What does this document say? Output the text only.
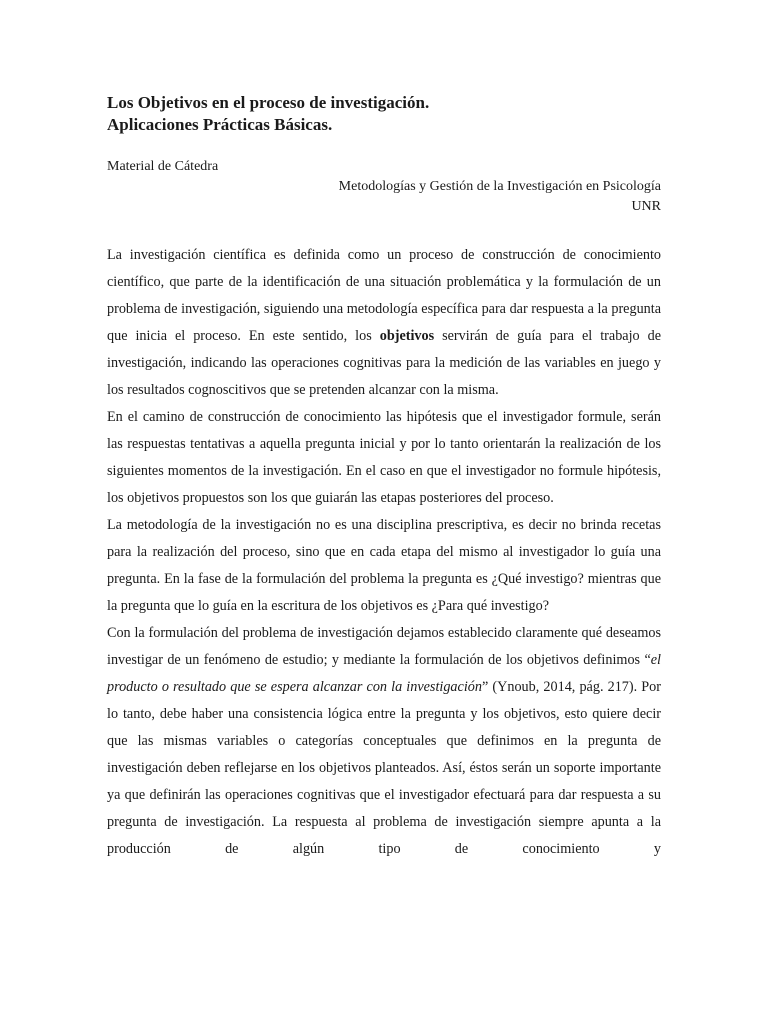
Los Objetivos en el proceso de investigación.
Aplicaciones Prácticas Básicas.
Material de Cátedra
Metodologías y Gestión de la Investigación en Psicología
UNR

La investigación científica es definida como un proceso de construcción de conocimiento científico, que parte de la identificación de una situación problemática y la formulación de un problema de investigación, siguiendo una metodología específica para dar respuesta a la pregunta que inicia el proceso. En este sentido, los objetivos servirán de guía para el trabajo de investigación, indicando las operaciones cognitivas para la medición de las variables en juego y los resultados cognoscitivos que se pretenden alcanzar con la misma.

En el camino de construcción de conocimiento las hipótesis que el investigador formule, serán las respuestas tentativas a aquella pregunta inicial y por lo tanto orientarán la realización de los siguientes momentos de la investigación. En el caso en que el investigador no formule hipótesis, los objetivos propuestos son los que guiarán las etapas posteriores del proceso.

La metodología de la investigación no es una disciplina prescriptiva, es decir no brinda recetas para la realización del proceso, sino que en cada etapa del mismo al investigador lo guía una pregunta. En la fase de la formulación del problema la pregunta es ¿Qué investigo? mientras que la pregunta que lo guía en la escritura de los objetivos es ¿Para qué investigo?

Con la formulación del problema de investigación dejamos establecido claramente qué deseamos investigar de un fenómeno de estudio; y mediante la formulación de los objetivos definimos “el producto o resultado que se espera alcanzar con la investigación” (Ynoub, 2014, pág. 217). Por lo tanto, debe haber una consistencia lógica entre la pregunta y los objetivos, esto quiere decir que las mismas variables o categorías conceptuales que definimos en la pregunta de investigación deben reflejarse en los objetivos planteados. Así, éstos serán un soporte importante ya que definirán las operaciones cognitivas que el investigador efectuará para dar respuesta a su pregunta de investigación. La respuesta al problema de investigación siempre apunta a la producción de algún tipo de conocimiento y
